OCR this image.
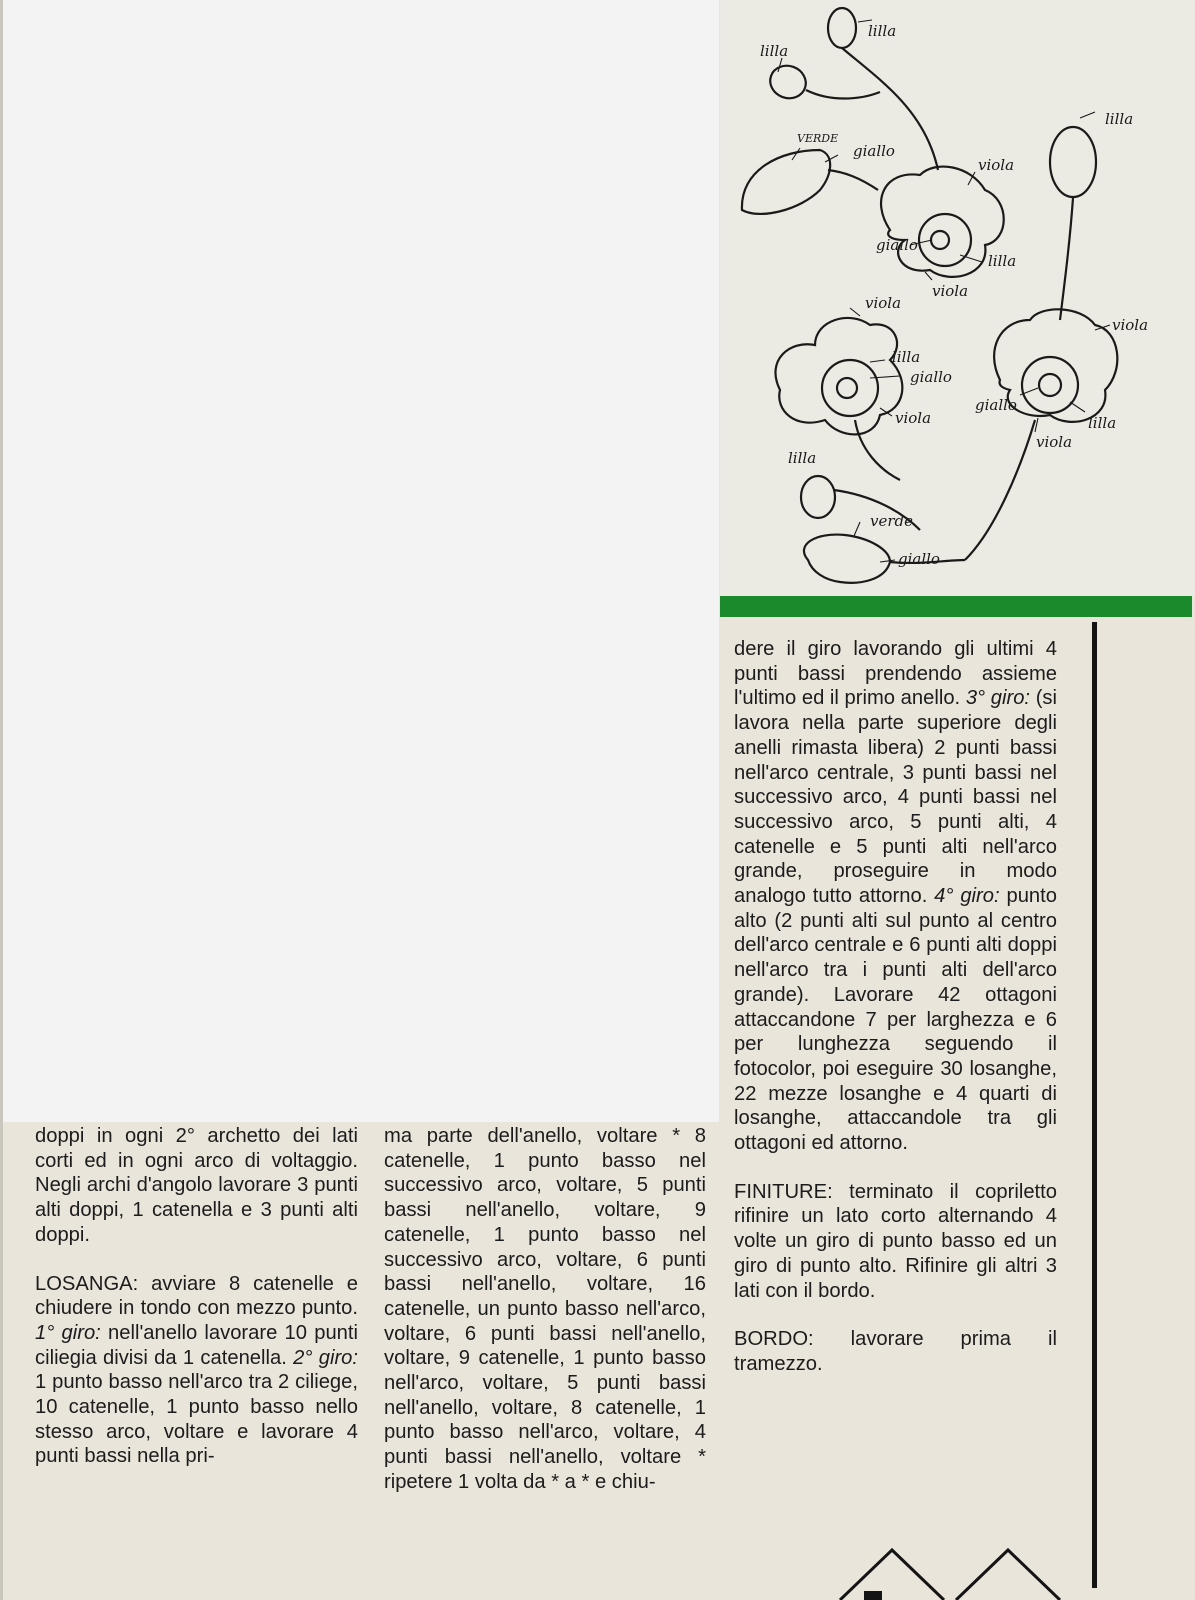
lilla
lilla
lilla
VERDE
giallo
viola
giallo
lilla
viola
viola
lilla
giallo
viola
viola
giallo
lilla
viola
lilla
verde
giallo

doppi in ogni 2° archetto dei lati corti ed in ogni arco di voltaggio. Negli archi d'angolo lavorare 3 punti alti doppi, 1 catenella e 3 punti alti doppi.

LOSANGA: avviare 8 catenelle e chiudere in tondo con mezzo punto. 1° giro: nell'anello lavorare 10 punti ciliegia divisi da 1 catenella. 2° giro: 1 punto basso nell'arco tra 2 ciliege, 10 catenelle, 1 punto basso nello stesso arco, voltare e lavorare 4 punti bassi nella pri-

ma parte dell'anello, voltare * 8 catenelle, 1 punto basso nel successivo arco, voltare, 5 punti bassi nell'anello, voltare, 9 catenelle, 1 punto basso nel successivo arco, voltare, 6 punti bassi nell'anello, voltare, 16 catenelle, un punto basso nell'arco, voltare, 6 punti bassi nell'anello, voltare, 9 catenelle, 1 punto basso nell'arco, voltare, 5 punti bassi nell'anello, voltare, 8 catenelle, 1 punto basso nell'arco, voltare, 4 punti bassi nell'anello, voltare * ripetere 1 volta da * a * e chiu-

dere il giro lavorando gli ultimi 4 punti bassi prendendo assieme l'ultimo ed il primo anello. 3° giro: (si lavora nella parte superiore degli anelli rimasta libera) 2 punti bassi nell'arco centrale, 3 punti bassi nel successivo arco, 4 punti bassi nel successivo arco, 5 punti alti, 4 catenelle e 5 punti alti nell'arco grande, proseguire in modo analogo tutto attorno. 4° giro: punto alto (2 punti alti sul punto al centro dell'arco centrale e 6 punti alti doppi nell'arco tra i punti alti dell'arco grande). Lavorare 42 ottagoni attaccandone 7 per larghezza e 6 per lunghezza seguendo il fotocolor, poi eseguire 30 losanghe, 22 mezze losanghe e 4 quarti di losanghe, attaccandole tra gli ottagoni ed attorno.

FINITURE: terminato il copriletto rifinire un lato corto alternando 4 volte un giro di punto basso ed un giro di punto alto. Rifinire gli altri 3 lati con il bordo.

BORDO: lavorare prima il tramezzo.
